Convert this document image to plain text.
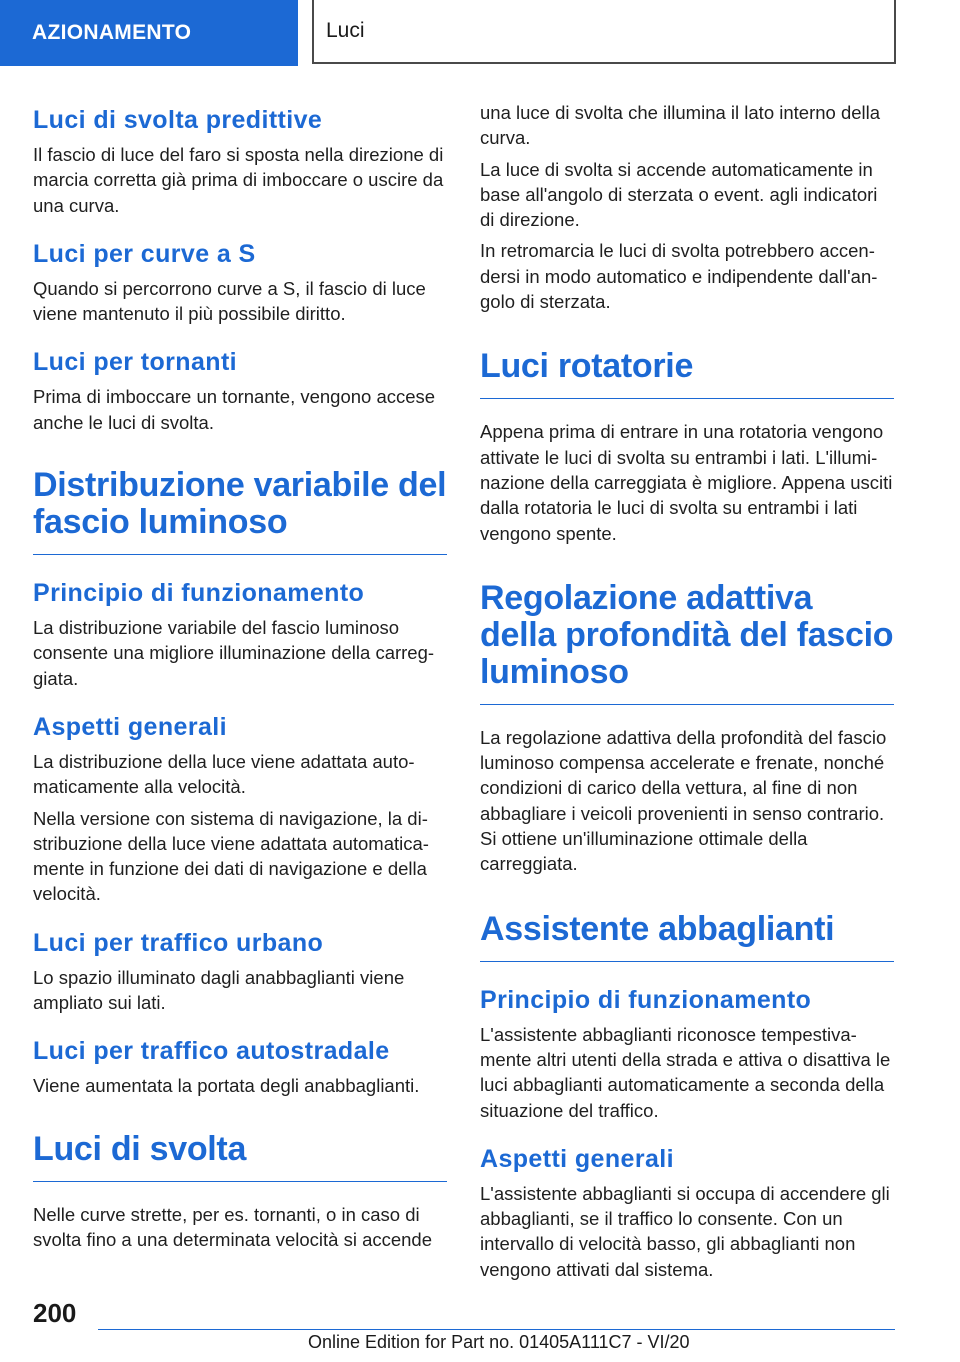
AZIONAMENTO	Luci
Luci di svolta predittive

Il fascio di luce del faro si sposta nella direzione di marcia corretta già prima di imboccare o uscire da una curva.

Luci per curve a S

Quando si percorrono curve a S, il fascio di luce viene mantenuto il più possibile diritto.

Luci per tornanti

Prima di imboccare un tornante, vengono accese anche le luci di svolta.

Distribuzione variabile del fascio luminoso
Principio di funzionamento

La distribuzione variabile del fascio luminoso consente una migliore illuminazione della carreggiata.

Aspetti generali

La distribuzione della luce viene adattata automaticamente alla velocità.

Nella versione con sistema di navigazione, la distribuzione della luce viene adattata automaticamente in funzione dei dati di navigazione e della velocità.

Luci per traffico urbano

Lo spazio illuminato dagli anabbaglianti viene ampliato sui lati.

Luci per traffico autostradale

Viene aumentata la portata degli anabbaglianti.

Luci di svolta

Nelle curve strette, per es. tornanti, o in caso di svolta fino a una determinata velocità si accende

una luce di svolta che illumina il lato interno della curva.

La luce di svolta si accende automaticamente in base all'angolo di sterzata o event. agli indicatori di direzione.

In retromarcia le luci di svolta potrebbero accendersi in modo automatico e indipendente dall'angolo di sterzata.

Luci rotatorie

Appena prima di entrare in una rotatoria vengono attivate le luci di svolta su entrambi i lati. L'illuminazione della carreggiata è migliore. Appena usciti dalla rotatoria le luci di svolta su entrambi i lati vengono spente.

Regolazione adattiva della profondità del fascio luminoso

La regolazione adattiva della profondità del fascio luminoso compensa accelerate e frenate, nonché condizioni di carico della vettura, al fine di non abbagliare i veicoli provenienti in senso contrario. Si ottiene un'illuminazione ottimale della carreggiata.

Assistente abbaglianti
Principio di funzionamento

L'assistente abbaglianti riconosce tempestivamente altri utenti della strada e attiva o disattiva le luci abbaglianti automaticamente a seconda della situazione del traffico.

Aspetti generali

L'assistente abbaglianti si occupa di accendere gli abbaglianti, se il traffico lo consente. Con un intervallo di velocità basso, gli abbaglianti non vengono attivati dal sistema.

200
Online Edition for Part no. 01405A111C7 - VI/20
